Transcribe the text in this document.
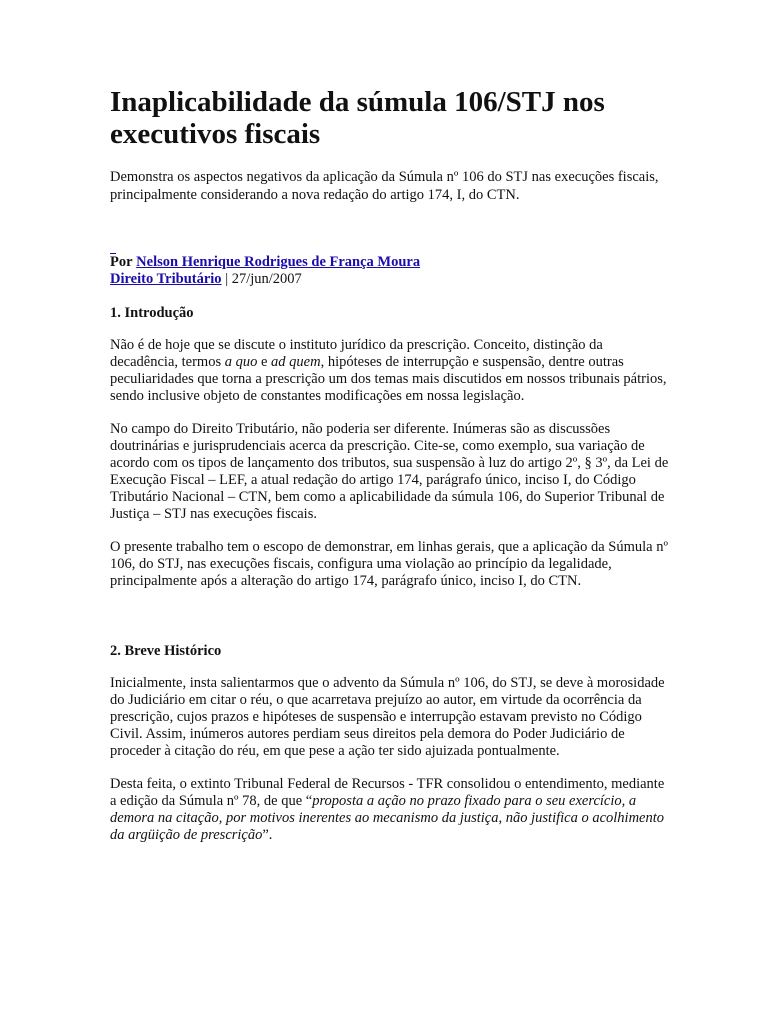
Inaplicabilidade da súmula 106/STJ nos executivos fiscais

Demonstra os aspectos negativos da aplicação da Súmula nº 106 do STJ nas execuções fiscais, principalmente considerando a nova redação do artigo 174, I, do CTN.

Por Nelson Henrique Rodrigues de França Moura
Direito Tributário | 27/jun/2007
1. Introdução

Não é de hoje que se discute o instituto jurídico da prescrição. Conceito, distinção da decadência, termos a quo e ad quem, hipóteses de interrupção e suspensão, dentre outras peculiaridades que torna a prescrição um dos temas mais discutidos em nossos tribunais pátrios, sendo inclusive objeto de constantes modificações em nossa legislação.

No campo do Direito Tributário, não poderia ser diferente. Inúmeras são as discussões doutrinárias e jurisprudenciais acerca da prescrição. Cite-se, como exemplo, sua variação de acordo com os tipos de lançamento dos tributos, sua suspensão à luz do artigo 2º, § 3º, da Lei de Execução Fiscal – LEF, a atual redação do artigo 174, parágrafo único, inciso I, do Código Tributário Nacional – CTN, bem como a aplicabilidade da súmula 106, do Superior Tribunal de Justiça – STJ nas execuções fiscais.

O presente trabalho tem o escopo de demonstrar, em linhas gerais, que a aplicação da Súmula nº 106, do STJ, nas execuções fiscais, configura uma violação ao princípio da legalidade, principalmente após a alteração do artigo 174, parágrafo único, inciso I, do CTN.

2. Breve Histórico

Inicialmente, insta salientarmos que o advento da Súmula nº 106, do STJ, se deve à morosidade do Judiciário em citar o réu, o que acarretava prejuízo ao autor, em virtude da ocorrência da prescrição, cujos prazos e hipóteses de suspensão e interrupção estavam previsto no Código Civil. Assim, inúmeros autores perdiam seus direitos pela demora do Poder Judiciário de proceder à citação do réu, em que pese a ação ter sido ajuizada pontualmente.

Desta feita, o extinto Tribunal Federal de Recursos - TFR consolidou o entendimento, mediante a edição da Súmula nº 78, de que “proposta a ação no prazo fixado para o seu exercício, a demora na citação, por motivos inerentes ao mecanismo da justiça, não justifica o acolhimento da argüição de prescrição”.
